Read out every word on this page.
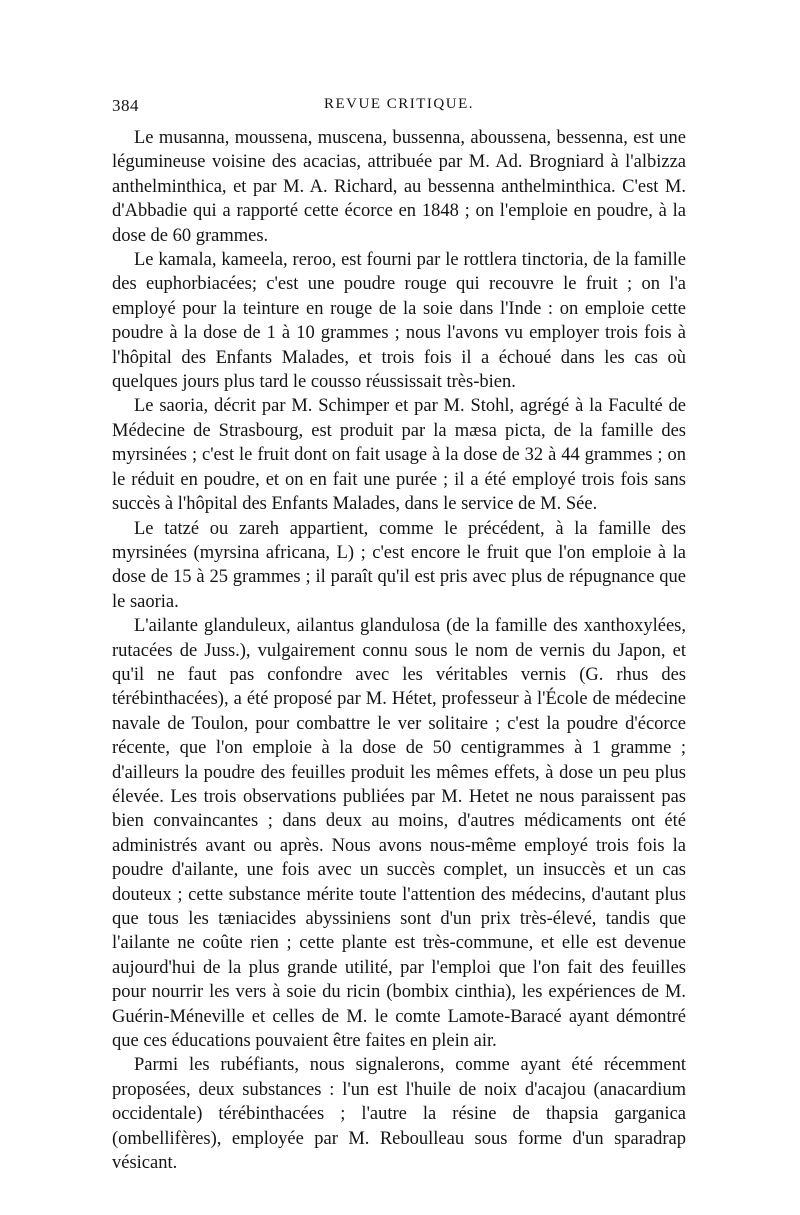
384	REVUE CRITIQUE.

Le musanna, moussena, muscena, bussenna, aboussena, bessenna, est une légumineuse voisine des acacias, attribuée par M. Ad. Brogniard à l'albizza anthelminthica, et par M. A. Richard, au bessenna anthelminthica. C'est M. d'Abbadie qui a rapporté cette écorce en 1848 ; on l'emploie en poudre, à la dose de 60 grammes.

Le kamala, kameela, reroo, est fourni par le rottlera tinctoria, de la famille des euphorbiacées; c'est une poudre rouge qui recouvre le fruit ; on l'a employé pour la teinture en rouge de la soie dans l'Inde : on emploie cette poudre à la dose de 1 à 10 grammes ; nous l'avons vu employer trois fois à l'hôpital des Enfants Malades, et trois fois il a échoué dans les cas où quelques jours plus tard le cousso réussissait très-bien.

Le saoria, décrit par M. Schimper et par M. Stohl, agrégé à la Faculté de Médecine de Strasbourg, est produit par la mæsa picta, de la famille des myrsinées ; c'est le fruit dont on fait usage à la dose de 32 à 44 grammes ; on le réduit en poudre, et on en fait une purée ; il a été employé trois fois sans succès à l'hôpital des Enfants Malades, dans le service de M. Sée.

Le tatzé ou zareh appartient, comme le précédent, à la famille des myrsinées (myrsina africana, L) ; c'est encore le fruit que l'on emploie à la dose de 15 à 25 grammes ; il paraît qu'il est pris avec plus de répugnance que le saoria.

L'ailante glanduleux, ailantus glandulosa (de la famille des xanthoxylées, rutacées de Juss.), vulgairement connu sous le nom de vernis du Japon, et qu'il ne faut pas confondre avec les véritables vernis (G. rhus des térébinthacées), a été proposé par M. Hétet, professeur à l'École de médecine navale de Toulon, pour combattre le ver solitaire ; c'est la poudre d'écorce récente, que l'on emploie à la dose de 50 centigrammes à 1 gramme ; d'ailleurs la poudre des feuilles produit les mêmes effets, à dose un peu plus élevée. Les trois observations publiées par M. Hetet ne nous paraissent pas bien convaincantes ; dans deux au moins, d'autres médicaments ont été administrés avant ou après. Nous avons nous-même employé trois fois la poudre d'ailante, une fois avec un succès complet, un insuccès et un cas douteux ; cette substance mérite toute l'attention des médecins, d'autant plus que tous les tæniacides abyssiniens sont d'un prix très-élevé, tandis que l'ailante ne coûte rien ; cette plante est très-commune, et elle est devenue aujourd'hui de la plus grande utilité, par l'emploi que l'on fait des feuilles pour nourrir les vers à soie du ricin (bombix cinthia), les expériences de M. Guérin-Méneville et celles de M. le comte Lamote-Baracé ayant démontré que ces éducations pouvaient être faites en plein air.

Parmi les rubéfiants, nous signalerons, comme ayant été récemment proposées, deux substances : l'un est l'huile de noix d'acajou (anacardium occidentale) térébinthacées ; l'autre la résine de thapsia garganica (ombellifères), employée par M. Reboulleau sous forme d'un sparadrap vésicant.
